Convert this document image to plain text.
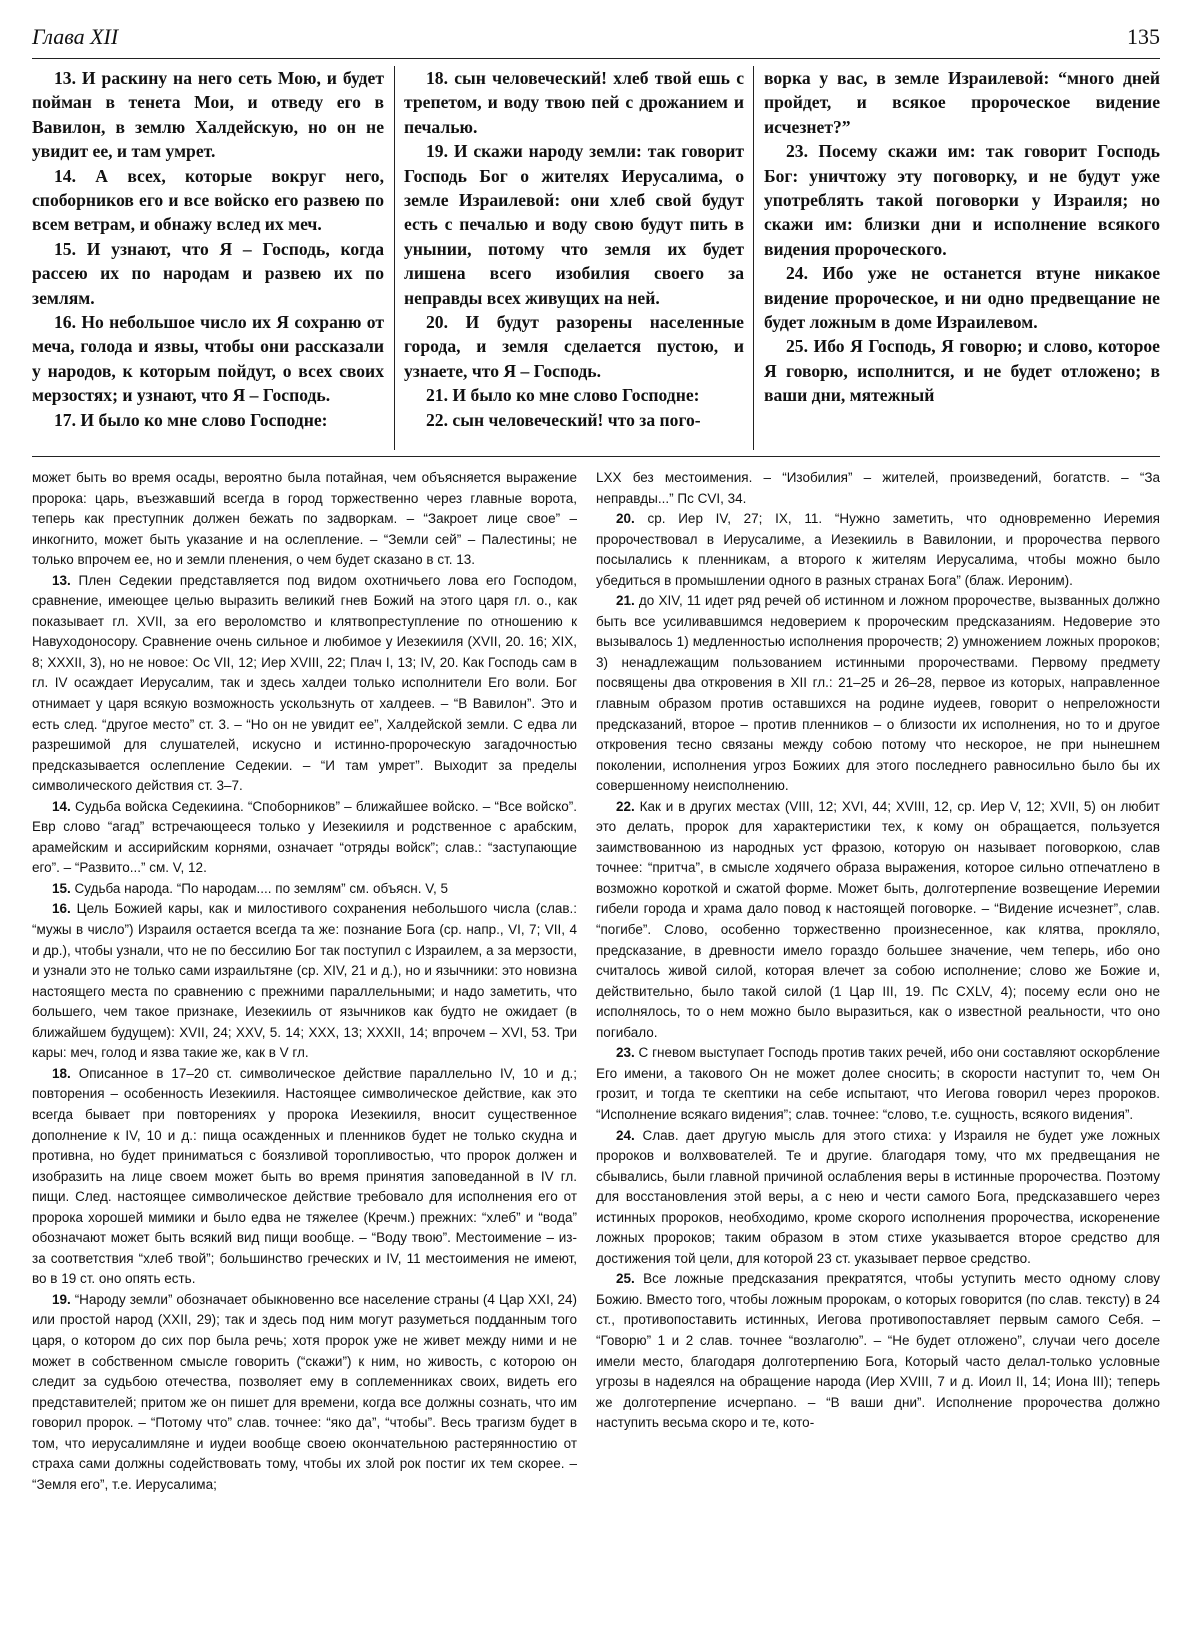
Глава XII	135

13. И раскину на него сеть Мою, и будет пойман в тенета Мои, и отведу его в Вавилон, в землю Халдейскую, но он не увидит ее, и там умрет.

14. А всех, которые вокруг него, споборников его и все войско его развею по всем ветрам, и обнажу вслед их меч.

15. И узнают, что Я – Господь, когда рассею их по народам и развею их по землям.

16. Но небольшое число их Я сохраню от меча, голода и язвы, чтобы они рассказали у народов, к которым пойдут, о всех своих мерзостях; и узнают, что Я – Господь.

17. И было ко мне слово Господне:

18. сын человеческий! хлеб твой ешь с трепетом, и воду твою пей с дрожанием и печалью.

19. И скажи народу земли: так говорит Господь Бог о жителях Иерусалима, о земле Израилевой: они хлеб свой будут есть с печалью и воду свою будут пить в унынии, потому что земля их будет лишена всего изобилия своего за неправды всех живущих на ней.

20. И будут разорены населенные города, и земля сделается пустою, и узнаете, что Я – Господь.

21. И было ко мне слово Господне:

22. сын человеческий! что за пого-

ворка у вас, в земле Израилевой: “много дней пройдет, и всякое пророческое видение исчезнет?”

23. Посему скажи им: так говорит Господь Бог: уничтожу эту поговорку, и не будут уже употреблять такой поговорки у Израиля; но скажи им: близки дни и исполнение всякого видения пророческого.

24. Ибо уже не останется втуне никакое видение пророческое, и ни одно предвещание не будет ложным в доме Израилевом.

25. Ибо Я Господь, Я говорю; и слово, которое Я говорю, исполнится, и не будет отложено; в ваши дни, мятежный

может быть во время осады, вероятно была потайная, чем объясняется выражение пророка: царь, въезжавший всегда в город торжественно через главные ворота, теперь как преступник должен бежать по задворкам. – “Закроет лице свое” – инкогнито, может быть указание и на ослепление. – “Земли сей” – Палестины; не только впрочем ее, но и земли пленения, о чем будет сказано в ст. 13.

13. Плен Седекии представляется под видом охотничьего лова его Господом, сравнение, имеющее целью выразить великий гнев Божий на этого царя гл. о., как показывает гл. XVII, за его вероломство и клятвопреступление по отношению к Навуходоносору. Сравнение очень сильное и любимое у Иезекииля (XVII, 20. 16; XIX, 8; XXXII, 3), но не новое: Ос VII, 12; Иер XVIII, 22; Плач I, 13; IV, 20. Как Господь сам в гл. IV осаждает Иерусалим, так и здесь халдеи только исполнители Его воли. Бог отнимает у царя всякую возможность ускользнуть от халдеев. – “В Вавилон”. Это и есть след. “другое место” ст. 3. – “Но он не увидит ее”, Халдейской земли. С едва ли разрешимой для слушателей, искусно и истинно-пророческую загадочностью предсказывается ослепление Седекии. – “И там умрет”. Выходит за пределы символического действия ст. 3–7.

14. Судьба войска Седекиина. “Споборников” – ближайшее войско. – “Все войско”. Евр слово “агад” встречающееся только у Иезекииля и родственное с арабским, арамейским и ассирийским корнями, означает “отряды войск”; слав.: “заступающие его”. – “Развито...” см. V, 12.

15. Судьба народа. “По народам.... по землям” см. объясн. V, 5

16. Цель Божией кары, как и милостивого сохранения небольшого числа (слав.: “мужы в число”) Израиля остается всегда та же: познание Бога (ср. напр., VI, 7; VII, 4 и др.), чтобы узнали, что не по бессилию Бог так поступил с Израилем, а за мерзости, и узнали это не только сами израильтяне (ср. XIV, 21 и д.), но и язычники: это новизна настоящего места по сравнению с прежними параллельными; и надо заметить, что большего, чем такое признаке, Иезекииль от язычников как будто не ожидает (в ближайшем будущем): XVII, 24; XXV, 5. 14; XXX, 13; XXXII, 14; впрочем – XVI, 53. Три кары: меч, голод и язва такие же, как в V гл.

18. Описанное в 17–20 ст. символическое действие параллельно IV, 10 и д.; повторения – особенность Иезекииля. Настоящее символическое действие, как это всегда бывает при повторениях у пророка Иезекииля, вносит существенное дополнение к IV, 10 и д.: пища осажденных и пленников будет не только скудна и противна, но будет приниматься с боязливой торопливостью, что пророк должен и изобразить на лице своем может быть во время принятия заповеданной в IV гл. пищи. След. настоящее символическое действие требовало для исполнения его от пророка хорошей мимики и было едва не тяжелее (Кречм.) прежних: “хлеб” и “вода” обозначают может быть всякий вид пищи вообще. – “Воду твою”. Местоимение – из-за соответствия “хлеб твой”; большинство греческих и IV, 11 местоимения не имеют, во в 19 ст. оно опять есть.

19. “Народу земли” обозначает обыкновенно все население страны (4 Цар XXI, 24) или простой народ (XXII, 29); так и здесь под ним могут разуметься подданным того царя, о котором до сих пор была речь; хотя пророк уже не живет между ними и не может в собственном смысле говорить (“скажи”) к ним, но живость, с которою он следит за судьбою отечества, позволяет ему в соплеменниках своих, видеть его представителей; притом же он пишет для времени, когда все должны сознать, что им говорил пророк. – “Потому что” слав. точнее: “яко да”, “чтобы”. Весь трагизм будет в том, что иерусалимляне и иудеи вообще своею окончательною растерянностию от страха сами должны содействовать тому, чтобы их злой рок постиг их тем скорее. – “Земля его”, т.е. Иерусалима;

LXX без местоимения. – “Изобилия” – жителей, произведений, богатств. – “За неправды...” Пс CVI, 34.

20. ср. Иер IV, 27; IX, 11. “Нужно заметить, что одновременно Иеремия пророчествовал в Иерусалиме, а Иезекииль в Вавилонии, и пророчества первого посылались к пленникам, а второго к жителям Иерусалима, чтобы можно было убедиться в промышлении одного в разных странах Бога” (блаж. Иероним).

21. до XIV, 11 идет ряд речей об истинном и ложном пророчестве, вызванных должно быть все усиливавшимся недоверием к пророческим предсказаниям. Недоверие это вызывалось 1) медленностью исполнения пророчеств; 2) умножением ложных пророков; 3) ненадлежащим пользованием истинными пророчествами. Первому предмету посвящены два откровения в XII гл.: 21–25 и 26–28, первое из которых, направленное главным образом против оставшихся на родине иудеев, говорит о непреложности предсказаний, второе – против пленников – о близости их исполнения, но то и другое откровения тесно связаны между собою потому что нескорое, не при нынешнем поколении, исполнения угроз Божиих для этого последнего равносильно было бы их совершенному неисполнению.

22. Как и в других местах (VIII, 12; XVI, 44; XVIII, 12, ср. Иер V, 12; XVII, 5) он любит это делать, пророк для характеристики тех, к кому он обращается, пользуется заимствованною из народных уст фразою, которую он называет поговоркою, слав точнее: “притча”, в смысле ходячего образа выражения, которое сильно отпечатлено в возможно короткой и сжатой форме. Может быть, долготерпение возвещение Иеремии гибели города и храма дало повод к настоящей поговорке. – “Видение исчезнет”, слав. “погибе”. Слово, особенно торжественно произнесенное, как клятва, прокляло, предсказание, в древности имело гораздо большее значение, чем теперь, ибо оно считалось живой силой, которая влечет за собою исполнение; слово же Божие и, действительно, было такой силой (1 Цар III, 19. Пс CXLV, 4); посему если оно не исполнялось, то о нем можно было выразиться, как о известной реальности, что оно погибало.

23. С гневом выступает Господь против таких речей, ибо они составляют оскорбление Его имени, а такового Он не может долее сносить; в скорости наступит то, чем Он грозит, и тогда те скептики на себе испытают, что Иегова говорил через пророков. “Исполнение всякаго видения”; слав. точнее: “слово, т.е. сущность, всякого видения”.

24. Слав. дает другую мысль для этого стиха: у Израиля не будет уже ложных пророков и волхвователей. Те и другие. благодаря тому, что мх предвещания не сбывались, были главной причиной ослабления веры в истинные пророчества. Поэтому для восстановления этой веры, а с нею и чести самого Бога, предсказавшего через истинных пророков, необходимо, кроме скорого исполнения пророчества, искоренение ложных пророков; таким образом в этом стихе указывается второе средство для достижения той цели, для которой 23 ст. указывает первое средство.

25. Все ложные предсказания прекратятся, чтобы уступить место одному слову Божию. Вместо того, чтобы ложным пророкам, о которых говорится (по слав. тексту) в 24 ст., противопоставить истинных, Иегова противопоставляет первым самого Себя. – “Говорю” 1 и 2 слав. точнее “возлаголю”. – “Не будет отложено”, случаи чего доселе имели место, благодаря долготерпению Бога, Который часто делал-только условные угрозы в надеялся на обращение народа (Иер XVIII, 7 и д. Иоил II, 14; Иона III); теперь же долготерпение исчерпано. – “В ваши дни”. Исполнение пророчества должно наступить весьма скоро и те, кото-
